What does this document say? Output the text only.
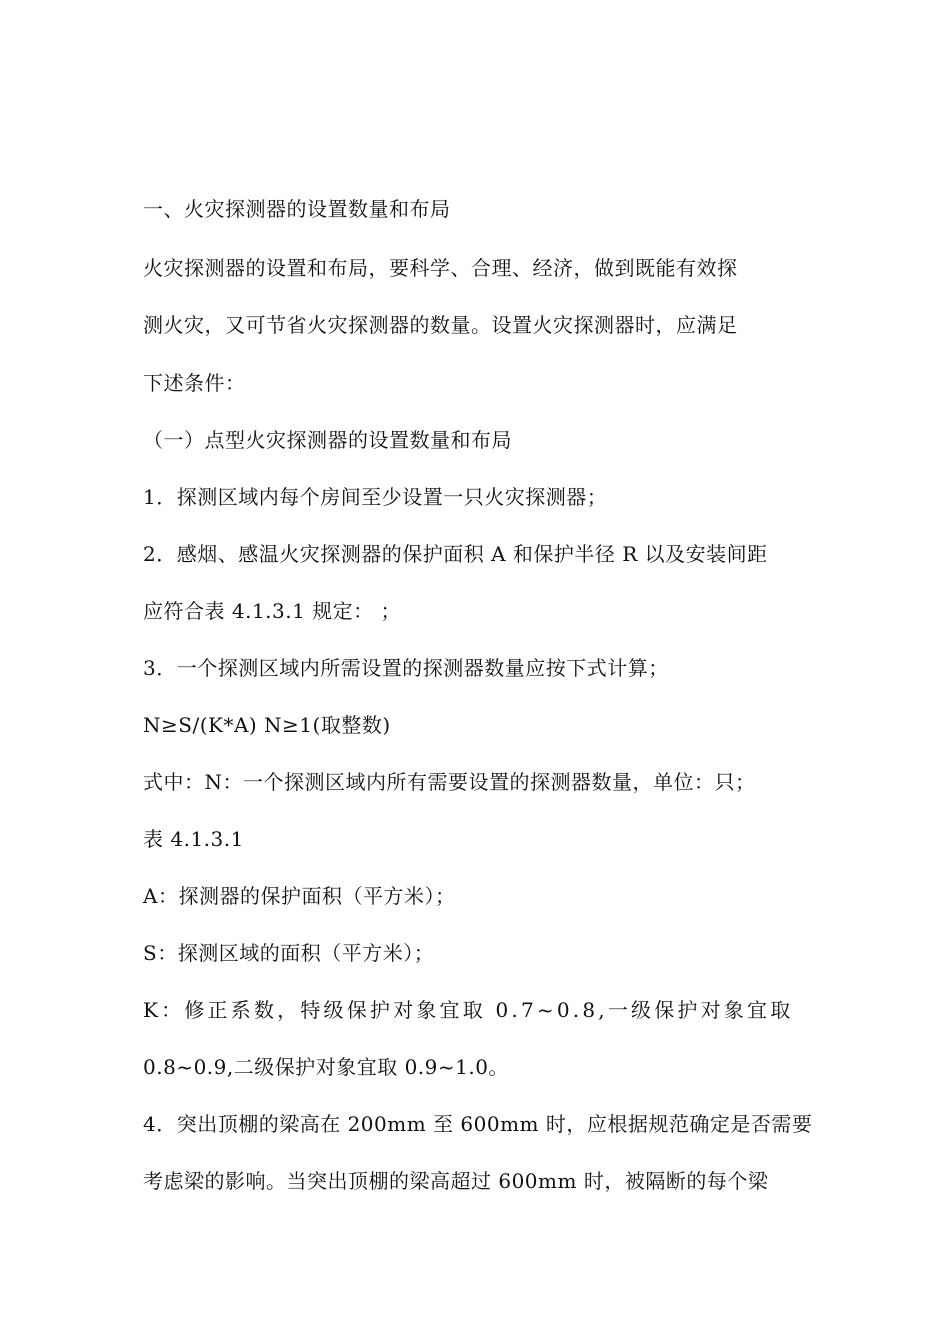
一、火灾探测器的设置数量和布局
火灾探测器的设置和布局，要科学、合理、经济，做到既能有效探
测火灾，又可节省火灾探测器的数量。设置火灾探测器时，应满足
下述条件：
（一）点型火灾探测器的设置数量和布局
1．探测区域内每个房间至少设置一只火灾探测器；
2．感烟、感温火灾探测器的保护面积 A 和保护半径 R 以及安装间距
应符合表 4.1.3.1 规定： ；
3．一个探测区域内所需设置的探测器数量应按下式计算；
N≥S/(K*A) N≥1(取整数)
式中：N：一个探测区域内所有需要设置的探测器数量，单位：只；
表 4.1.3.1
A：探测器的保护面积（平方米）；
S：探测区域的面积（平方米）；
K：修正系数，特级保护对象宜取 0.7~0.8,一级保护对象宜取
0.8~0.9,二级保护对象宜取 0.9~1.0。
4．突出顶棚的梁高在 200mm 至 600mm 时，应根据规范确定是否需要
考虑梁的影响。当突出顶棚的梁高超过 600mm 时，被隔断的每个梁
